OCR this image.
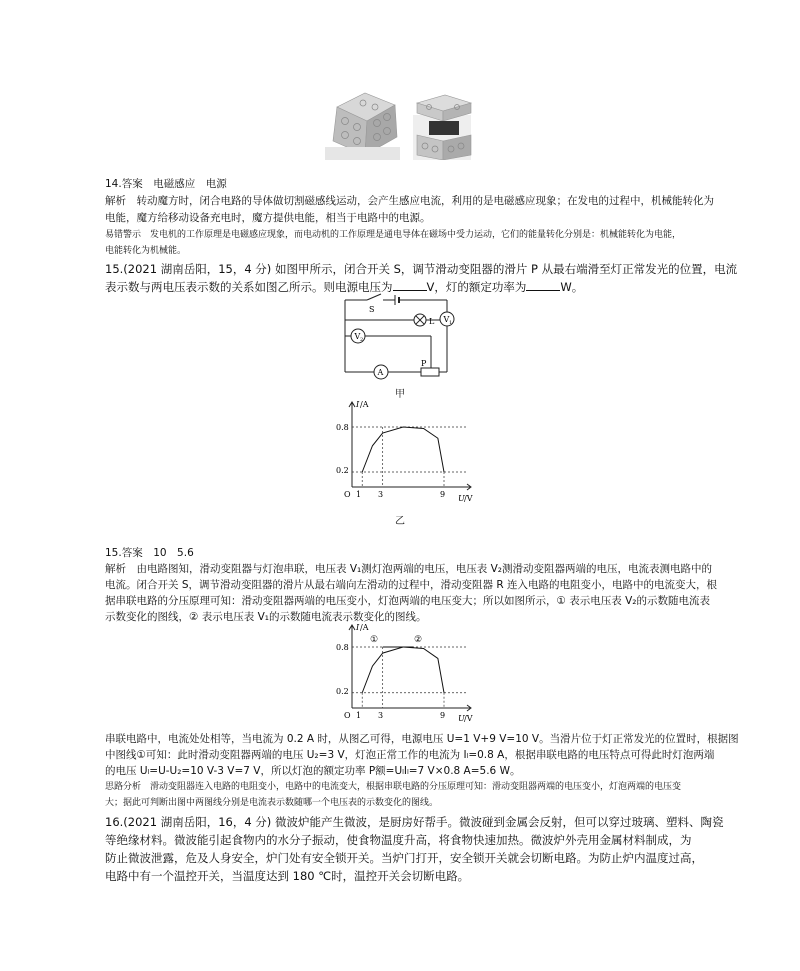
14.答案　电磁感应　电源
解析　转动魔方时，闭合电路的导体做切割磁感线运动，会产生感应电流，利用的是电磁感应现象；在发电的过程中，机械能转化为
电能，魔方给移动设备充电时，魔方提供电能，相当于电路中的电源。
易错警示　发电机的工作原理是电磁感应现象，而电动机的工作原理是通电导体在磁场中受力运动，它们的能量转化分别是：机械能转化为电能，
电能转化为机械能。
15.(2021 湖南岳阳，15，4 分) 如图甲所示，闭合开关 S，调节滑动变阻器的滑片 P 从最右端滑至灯正常发光的位置，电流
表示数与两电压表示数的关系如图乙所示。则电源电压为	V，灯的额定功率为	W。
L V 1
V 2
A
S
P
甲
I /A
U /V
0.8
0.2
O 1 3	9
乙
15.答案　10　5.6
解析　由电路图知，滑动变阻器与灯泡串联，电压表 V₁测灯泡两端的电压，电压表 V₂测滑动变阻器两端的电压，电流表测电路中的
电流。闭合开关 S，调节滑动变阻器的滑片从最右端向左滑动的过程中，滑动变阻器 R 连入电路的电阻变小，电路中的电流变大，根
据串联电路的分压原理可知：滑动变阻器两端的电压变小，灯泡两端的电压变大；所以如图所示，① 表示电压表 V₂的示数随电流表
示数变化的图线，② 表示电压表 V₁的示数随电流表示数变化的图线。
I /A
U /V
0.8
0.2
O 1 3	9
①	②
串联电路中，电流处处相等，当电流为 0.2 A 时，从图乙可得，电源电压 U=1 V+9 V=10 V。当滑片位于灯正常发光的位置时，根据图
中图线①可知：此时滑动变阻器两端的电压 U₂=3 V，灯泡正常工作的电流为 Iₗ=0.8 A，根据串联电路的电压特点可得此时灯泡两端
的电压 Uₗ=U-U₂=10 V-3 V=7 V，所以灯泡的额定功率 P额=UₗIₗ=7 V×0.8 A=5.6 W。
思路分析　滑动变阻器连入电路的电阻变小，电路中的电流变大，根据串联电路的分压原理可知：滑动变阻器两端的电压变小，灯泡两端的电压变
大；据此可判断出图中两图线分别是电流表示数随哪一个电压表的示数变化的图线。
16.(2021 湖南岳阳，16，4 分) 微波炉能产生微波，是厨房好帮手。微波碰到金属会反射，但可以穿过玻璃、塑料、陶瓷
等绝缘材料。微波能引起食物内的水分子振动，使食物温度升高，将食物快速加热。微波炉外壳用金属材料制成，为
防止微波泄露，危及人身安全，炉门处有安全锁开关。当炉门打开，安全锁开关就会切断电路。为防止炉内温度过高，
电路中有一个温控开关，当温度达到 180 ℃时，温控开关会切断电路。
